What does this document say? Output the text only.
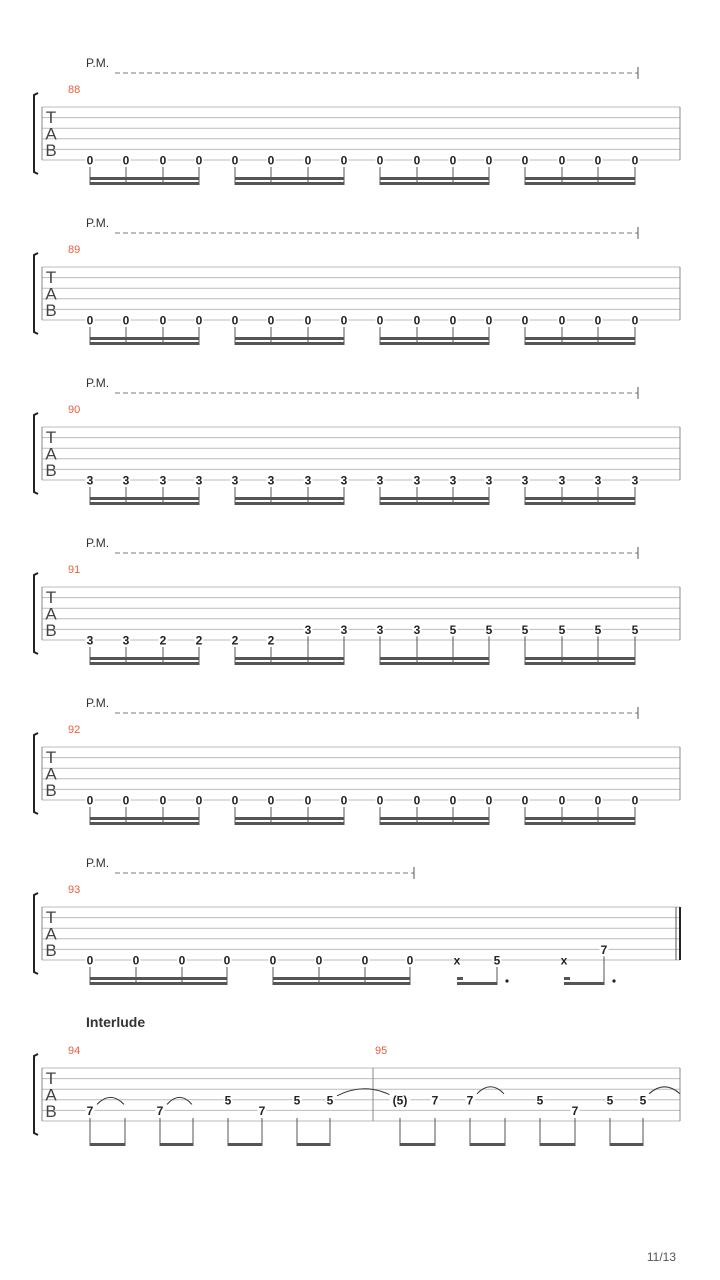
T
A
B
P.M.
88
0 0	0 0 0 0	0 0 0	0 0 0 0	0 0	0
T
A
B
P.M.
89
0 0	0 0 0 0	0 0 0	0 0 0 0	0 0	0
T
A
B
P.M.
90
3 3	3 3 3 3	3 3 3	3 3 3 3	3 3	3
T
A
B
P.M.
91
3 3	2 2 2 2
3 3 3	3 5 5 5	5 5	5
T
A
B
P.M.
92
0 0	0 0 0 0	0 0 0	0 0 0 0	0 0	0
T
A
B
P.M.
93
0	0	0	0	0	0	0	0	x	5	x
7
T
A
B
94	95
7	7
5
7
5 5	(5) 7 7	5
7
5 5
Interlude
11/13
